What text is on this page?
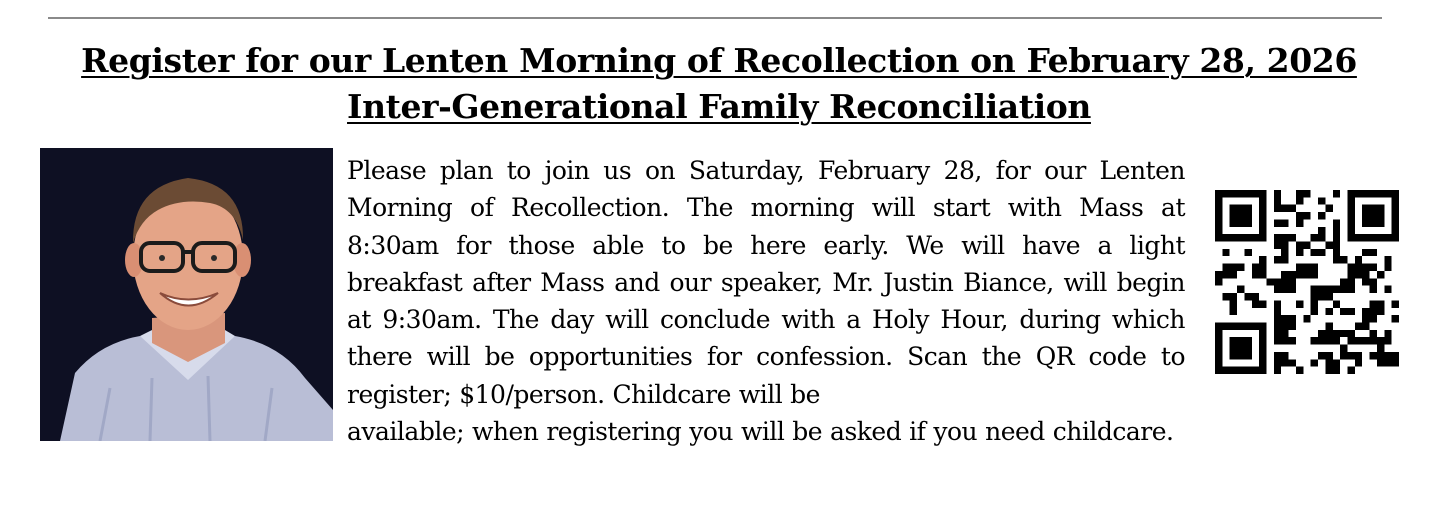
Register for our Lenten Morning of Recollection on February 28, 2026
Inter-Generational Family Reconciliation
Please plan to join us on Saturday, February 28, for our Lenten Morning of Recollection. The morning will start with Mass at 8:30am for those able to be here early. We will have a light breakfast after Mass and our speaker, Mr. Justin Biance, will begin at 9:30am. The day will conclude with a Holy Hour, during which there will be opportunities for confession. Scan the QR code to register; $10/person. Childcare will be
available; when registering you will be asked if you need childcare.
